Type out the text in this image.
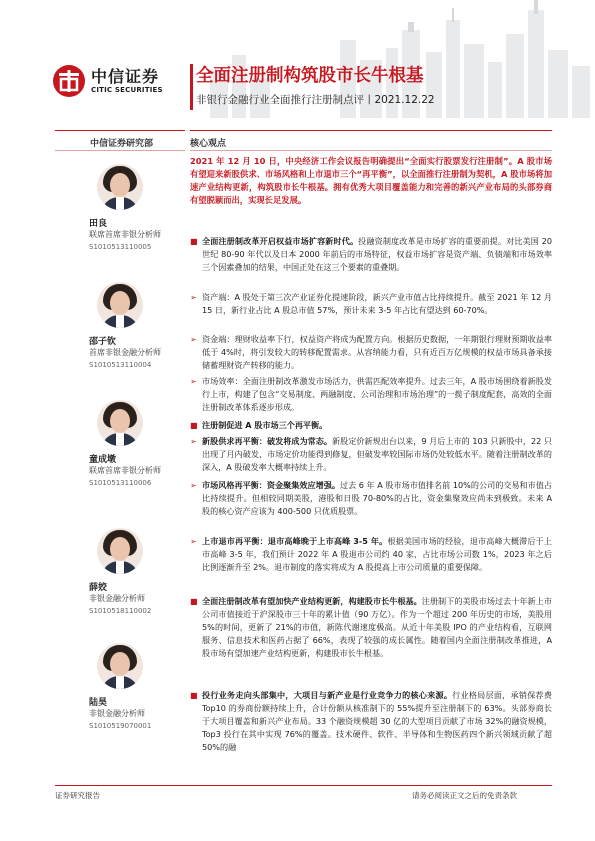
中信证券
CITIC SECURITIES
全面注册制构筑股市长牛根基
非银行金融行业全面推行注册制点评丨2021.12.22
中信证券研究部	核心观点
田良
联席首席非银分析师
S1010513110005
邵子钦
首席非银金融分析师
S1010513110004
童成墩
联席首席非银分析师
S1010513110006
薛姣
非银金融分析师
S1010518110002
陆昊
非银金融分析师
S1010519070001
2021 年 12 月 10 日，中央经济工作会议报告明确提出“全面实行股票发行注册制”。A 股市场有望迎来新股供求、市场风格和上市退市三个“再平衡”，以全面推行注册制为契机，A 股市场将加速产业结构更新，构筑股市长牛根基。拥有优秀大项目覆盖能力和完善的新兴产业布局的头部券商有望脱颖而出，实现长足发展。
■ 全面注册制改革开启权益市场扩容新时代。投融资制度改革是市场扩容的重要前提。对比美国 20 世纪 80-90 年代以及日本 2000 年前后的市场特征，权益市场扩容是资产端、负债端和市场效率三个因素叠加的结果，中国正处在这三个要素的重叠期。
➢ 资产端：A 股处于第三次产业证券化提速阶段，新兴产业市值占比持续提升。截至 2021 年 12 月 15 日，新行业占比 A 股总市值 57%，预计未来 3-5 年占比有望达到 60-70%。
➢ 资金端：理财收益率下行，权益资产将成为配置方向。根据历史数据，一年期银行理财预期收益率低于 4%时，将引发较大的转移配置需求。从容纳能力看，只有近百万亿规模的权益市场具备承接储蓄理财资产转移的能力。
➢ 市场效率：全面注册制改革激发市场活力，供需匹配效率提升。过去三年，A 股市场围绕着新股发行上市，构建了包含“交易制度、两融制度、公司治理和市场治理”的一揽子制度配套，高效的全面注册制改革体系逐步形成。
■ 注册制促进 A 股市场三个再平衡。
➢ 新股供求再平衡：破发将成为常态。新股定价新规出台以来，9 月后上市的 103 只新股中，22 只出现了月内破发，市场定价功能得到修复，但破发率较国际市场仍处较低水平。随着注册制改革的深入，A 股破发率大概率持续上升。
➢ 市场风格再平衡：资金聚集效应增强。过去 6 年 A 股市场市值排名前 10%的公司的交易和市值占比持续提升。但相较同期美股，港股和日股 70-80%的占比，资金集聚效应尚未到极致。未来 A 股的核心资产应该为 400-500 只优质股票。
➢ 上市退市再平衡：退市高峰晚于上市高峰 3-5 年。根据美国市场的经验，退市高峰大概滞后于上市高峰 3-5 年，我们预计 2022 年 A 股退市公司约 40 家，占比市场公司数 1%，2023 年之后比例逐渐升至 2%。退市制度的落实将成为 A 股提高上市公司质量的重要保障。
■ 全面注册制改革有望加快产业结构更新，构建股市长牛根基。注册制下的美股市场过去十年新上市公司市值接近于沪深股市三十年的累计值（90 万亿）。作为一个超过 200 年历史的市场，美股用 5%的时间，更新了 21%的市值，新陈代谢速度极高。从近十年美股 IPO 的产业结构看，互联网服务、信息技术和医药占据了 66%，表现了较强的成长属性。随着国内全面注册制改革推进，A 股市场有望加速产业结构更新，构建股市长牛根基。
■ 投行业务走向头部集中，大项目与新产业是行业竞争力的核心来源。行业格局层面，承销保荐费 Top10 的券商份额持续上升，合计份额从核准制下的 55%提升至注册制下的 63%。头部券商长于大项目覆盖和新兴产业布局。33 个融资规模超 30 亿的大型项目贡献了市场 32%的融资规模，Top3 投行在其中实现 76%的覆盖。技术硬件、软件、半导体和生物医药四个新兴领域贡献了超 50%的融
证券研究报告	请务必阅读正文之后的免责条款
